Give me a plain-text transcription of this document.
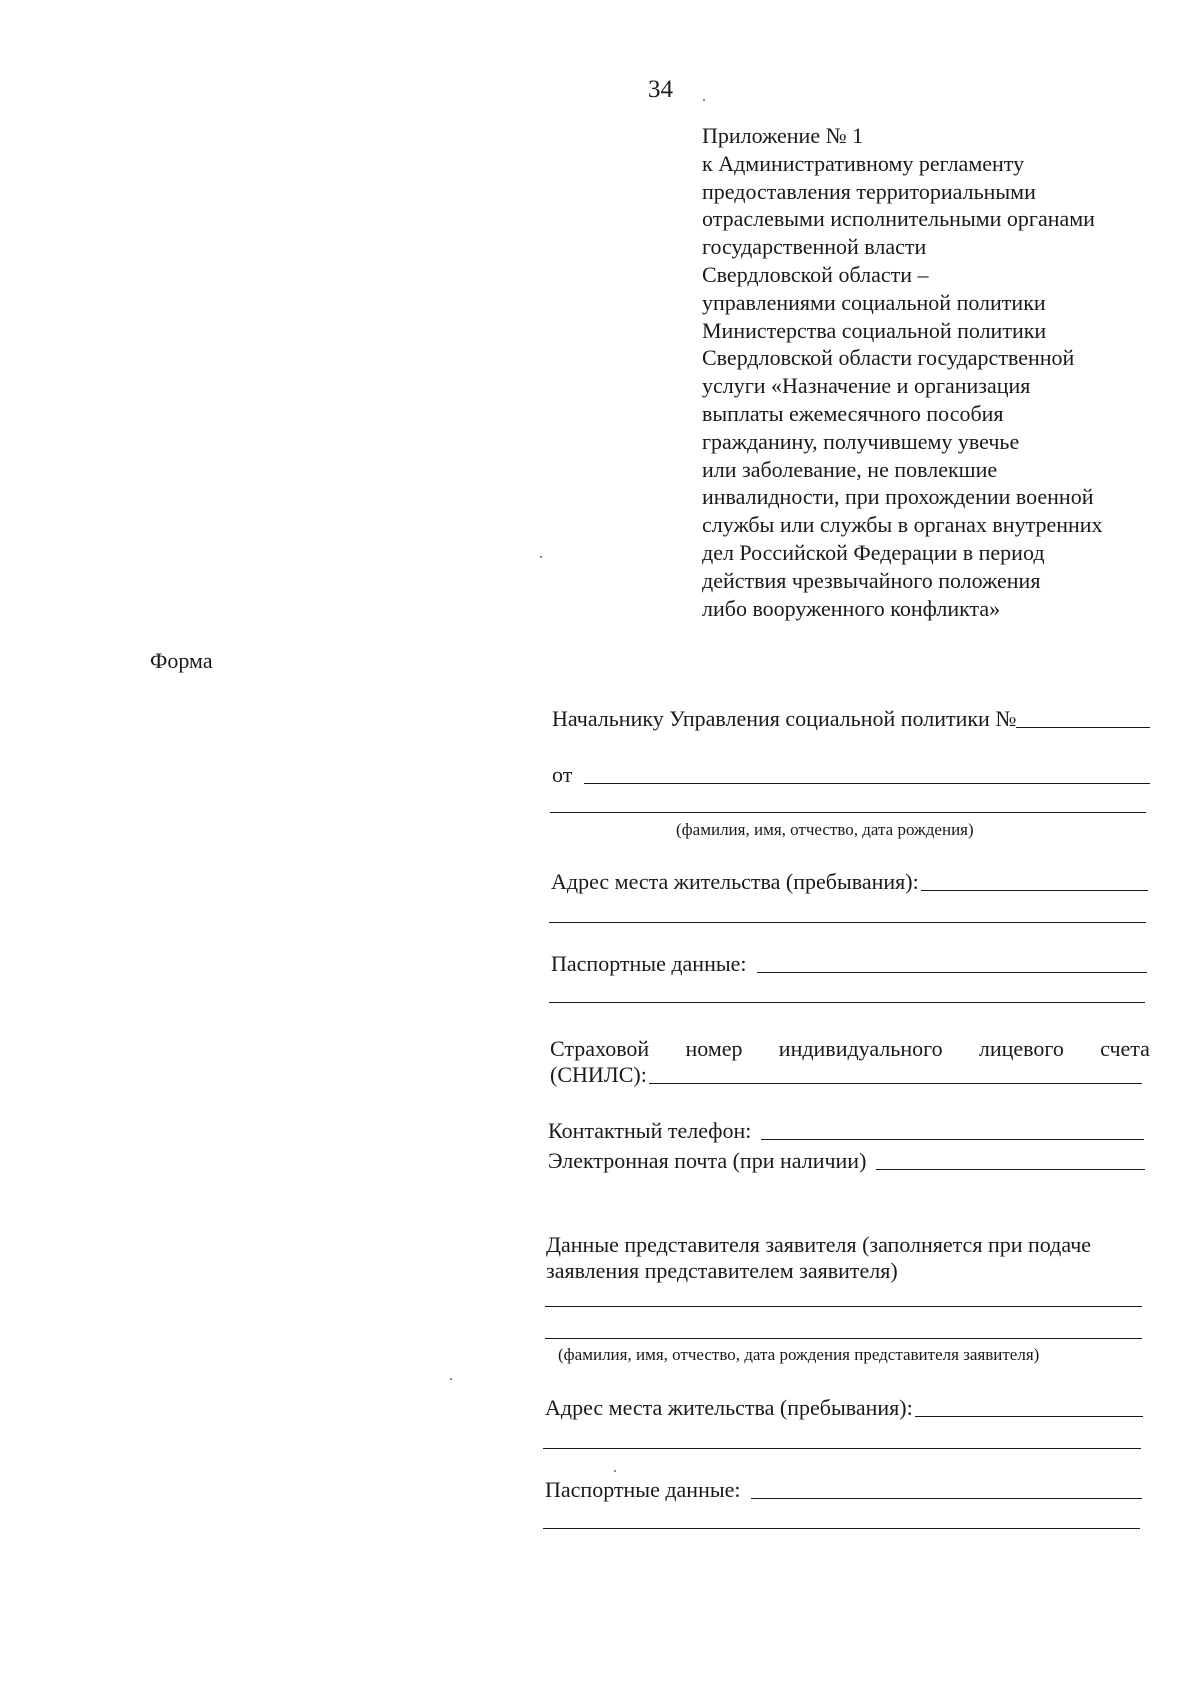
34
Приложение № 1
к Административному регламенту
предоставления территориальными
отраслевыми исполнительными органами
государственной власти
Свердловской области –
управлениями социальной политики
Министерства социальной политики
Свердловской области государственной
услуги «Назначение и организация
выплаты ежемесячного пособия
гражданину, получившему увечье
или заболевание, не повлекшие
инвалидности, при прохождении военной
службы или службы в органах внутренних
дел Российской Федерации в период
действия чрезвычайного положения
либо вооруженного конфликта»
Форма
Начальнику Управления социальной политики №
от
(фамилия, имя, отчество, дата рождения)
Адрес места жительства (пребывания):
Паспортные данные:
Страховой номер индивидуального лицевого счета
(СНИЛС):
Контактный телефон:
Электронная почта (при наличии)
Данные представителя заявителя (заполняется при подаче
заявления представителем заявителя)
(фамилия, имя, отчество, дата рождения представителя заявителя)
Адрес места жительства (пребывания):
Паспортные данные:
